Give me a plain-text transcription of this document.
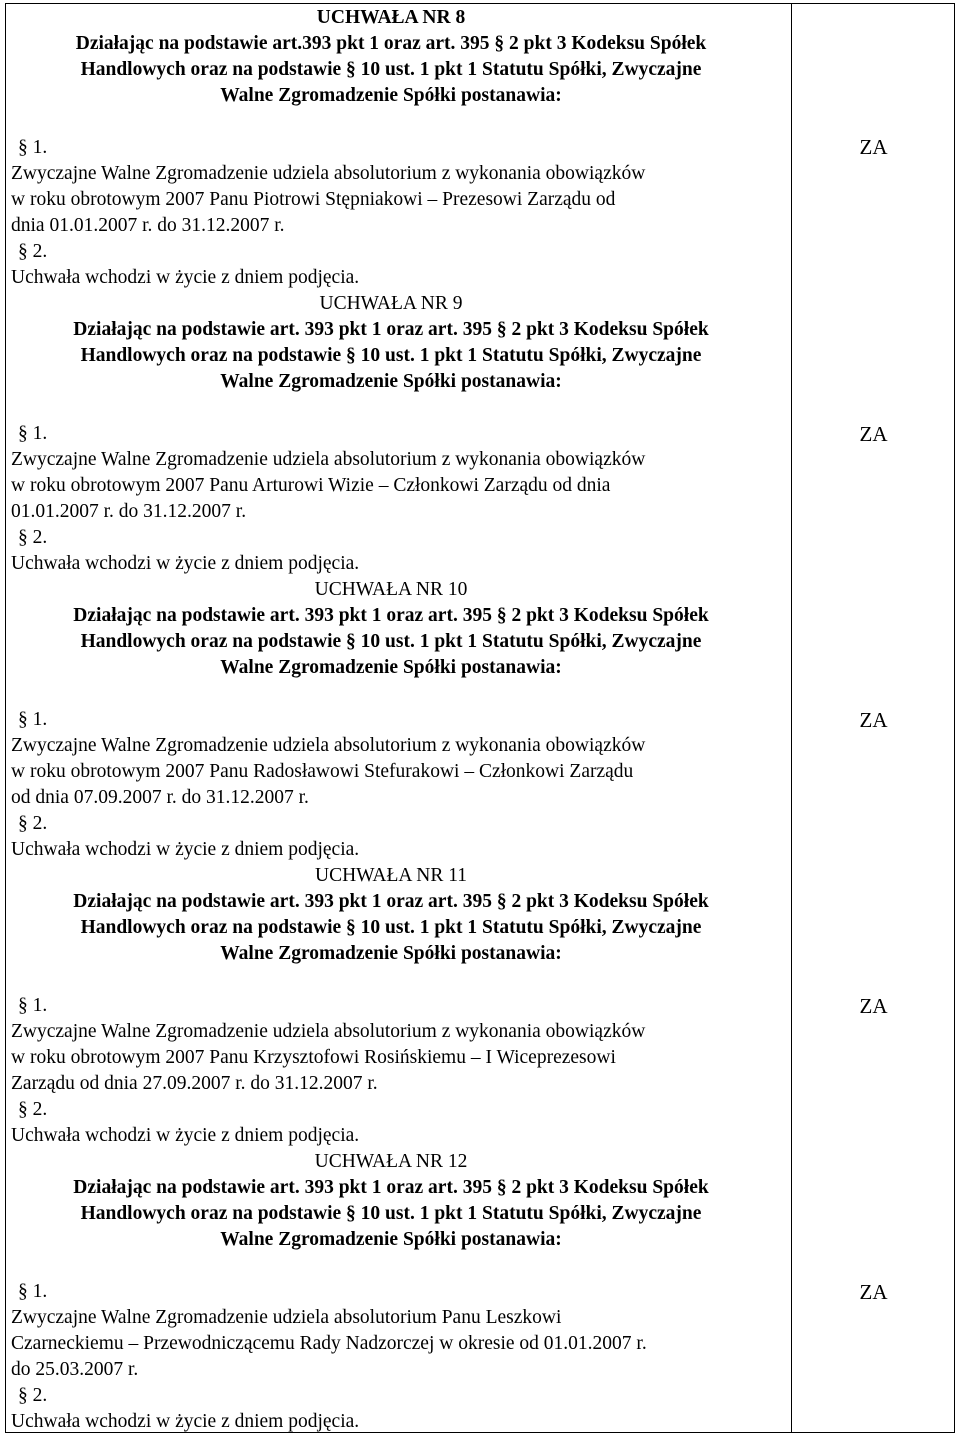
UCHWAŁA NR 8

Działając na podstawie art.393 pkt 1 oraz art. 395 § 2 pkt 3 Kodeksu Spółek

Handlowych oraz na podstawie § 10 ust. 1 pkt 1 Statutu Spółki, Zwyczajne

Walne Zgromadzenie Spółki postanawia:

§ 1.

Zwyczajne Walne Zgromadzenie udziela absolutorium z wykonania obowiązków

w roku obrotowym 2007 Panu Piotrowi Stępniakowi – Prezesowi Zarządu od

dnia 01.01.2007 r. do 31.12.2007 r.

§ 2.

Uchwała wchodzi w życie z dniem podjęcia.

ZA

UCHWAŁA NR 9

Działając na podstawie art. 393 pkt 1 oraz art. 395 § 2 pkt 3 Kodeksu Spółek

Handlowych oraz na podstawie § 10 ust. 1 pkt 1 Statutu Spółki, Zwyczajne

Walne Zgromadzenie Spółki postanawia:

§ 1.

Zwyczajne Walne Zgromadzenie udziela absolutorium z wykonania obowiązków

w roku obrotowym 2007 Panu Arturowi Wizie – Członkowi Zarządu od dnia

01.01.2007 r. do 31.12.2007 r.

§ 2.

Uchwała wchodzi w życie z dniem podjęcia.

ZA

UCHWAŁA NR 10

Działając na podstawie art. 393 pkt 1 oraz art. 395 § 2 pkt 3 Kodeksu Spółek

Handlowych oraz na podstawie § 10 ust. 1 pkt 1 Statutu Spółki, Zwyczajne

Walne Zgromadzenie Spółki postanawia:

§ 1.

Zwyczajne Walne Zgromadzenie udziela absolutorium z wykonania obowiązków

w roku obrotowym 2007 Panu Radosławowi Stefurakowi – Członkowi Zarządu

od dnia 07.09.2007 r. do 31.12.2007 r.

§ 2.

Uchwała wchodzi w życie z dniem podjęcia.

ZA

UCHWAŁA NR 11

Działając na podstawie art. 393 pkt 1 oraz art. 395 § 2 pkt 3 Kodeksu Spółek

Handlowych oraz na podstawie § 10 ust. 1 pkt 1 Statutu Spółki, Zwyczajne

Walne Zgromadzenie Spółki postanawia:

§ 1.

Zwyczajne Walne Zgromadzenie udziela absolutorium z wykonania obowiązków

w roku obrotowym 2007 Panu Krzysztofowi Rosińskiemu – I Wiceprezesowi

Zarządu od dnia 27.09.2007 r. do 31.12.2007 r.

§ 2.

Uchwała wchodzi w życie z dniem podjęcia.

ZA

UCHWAŁA NR 12

Działając na podstawie art. 393 pkt 1 oraz art. 395 § 2 pkt 3 Kodeksu Spółek

Handlowych oraz na podstawie § 10 ust. 1 pkt 1 Statutu Spółki, Zwyczajne

Walne Zgromadzenie Spółki postanawia:

§ 1.

Zwyczajne Walne Zgromadzenie udziela absolutorium Panu Leszkowi

Czarneckiemu – Przewodniczącemu Rady Nadzorczej w okresie od 01.01.2007 r.

do 25.03.2007 r.

§ 2.

Uchwała wchodzi w życie z dniem podjęcia.

ZA
